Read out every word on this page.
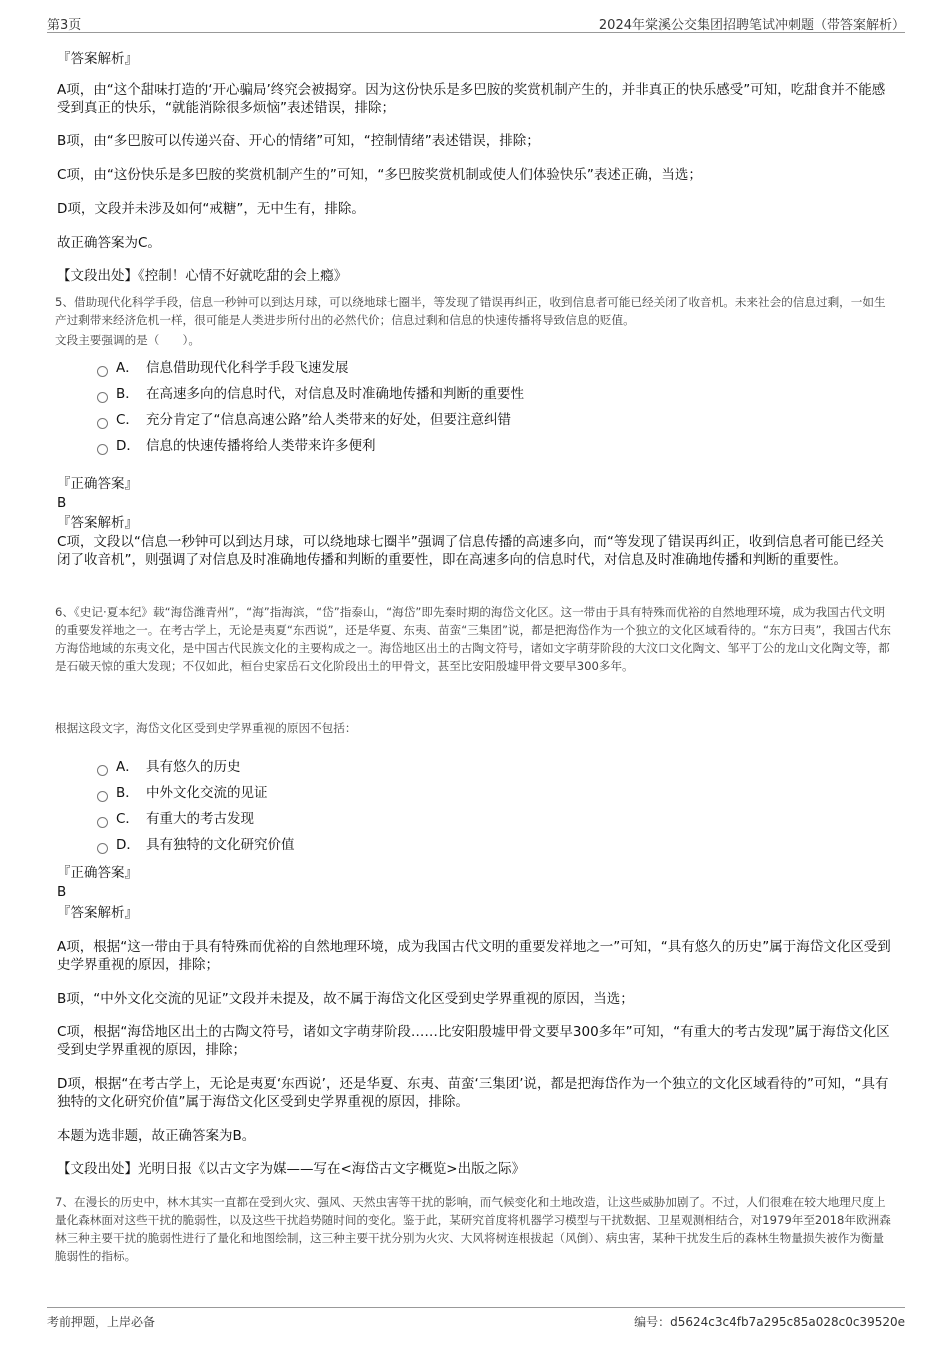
第3页	2024年棠溪公交集团招聘笔试冲刺题（带答案解析）
『答案解析』
A项，由“这个甜味打造的‘开心骗局’终究会被揭穿。因为这份快乐是多巴胺的奖赏机制产生的，并非真正的快乐感受”可知，吃甜食并不能感受到真正的快乐，“就能消除很多烦恼”表述错误，排除；
B项，由“多巴胺可以传递兴奋、开心的情绪”可知，“控制情绪”表述错误，排除；
C项，由“这份快乐是多巴胺的奖赏机制产生的”可知，“多巴胺奖赏机制或使人们体验快乐”表述正确，当选；
D项，文段并未涉及如何“戒糖”，无中生有，排除。
故正确答案为C。
【文段出处】《控制！心情不好就吃甜的会上瘾》
5、借助现代化科学手段，信息一秒钟可以到达月球，可以绕地球七圈半，等发现了错误再纠正，收到信息者可能已经关闭了收音机。未来社会的信息过剩，一如生产过剩带来经济危机一样，很可能是人类进步所付出的必然代价；信息过剩和信息的快速传播将导致信息的贬值。
文段主要强调的是（　　）。
A． 信息借助现代化科学手段飞速发展
B． 在高速多向的信息时代，对信息及时准确地传播和判断的重要性
C． 充分肯定了“信息高速公路”给人类带来的好处，但要注意纠错
D． 信息的快速传播将给人类带来许多便利
『正确答案』
B
『答案解析』
C项，文段以“信息一秒钟可以到达月球，可以绕地球七圈半”强调了信息传播的高速多向，而“等发现了错误再纠正，收到信息者可能已经关闭了收音机”，则强调了对信息及时准确地传播和判断的重要性，即在高速多向的信息时代，对信息及时准确地传播和判断的重要性。
6、《史记·夏本纪》载“海岱潍青州”，“海”指海滨，“岱”指泰山，“海岱”即先秦时期的海岱文化区。这一带由于具有特殊而优裕的自然地理环境，成为我国古代文明的重要发祥地之一。在考古学上，无论是夷夏“东西说”，还是华夏、东夷、苗蛮“三集团”说，都是把海岱作为一个独立的文化区域看待的。“东方曰夷”，我国古代东方海岱地域的东夷文化，是中国古代民族文化的主要构成之一。海岱地区出土的古陶文符号，诸如文字萌芽阶段的大汶口文化陶文、邹平丁公的龙山文化陶文等，都是石破天惊的重大发现；不仅如此，桓台史家岳石文化阶段出土的甲骨文，甚至比安阳殷墟甲骨文要早300多年。
根据这段文字，海岱文化区受到史学界重视的原因不包括：
A． 具有悠久的历史
B． 中外文化交流的见证
C． 有重大的考古发现
D． 具有独特的文化研究价值
『正确答案』
B
『答案解析』
A项，根据“这一带由于具有特殊而优裕的自然地理环境，成为我国古代文明的重要发祥地之一”可知，“具有悠久的历史”属于海岱文化区受到史学界重视的原因，排除；
B项，“中外文化交流的见证”文段并未提及，故不属于海岱文化区受到史学界重视的原因，当选；
C项，根据“海岱地区出土的古陶文符号，诸如文字萌芽阶段……比安阳殷墟甲骨文要早300多年”可知，“有重大的考古发现”属于海岱文化区受到史学界重视的原因，排除；
D项，根据“在考古学上，无论是夷夏‘东西说’，还是华夏、东夷、苗蛮‘三集团’说，都是把海岱作为一个独立的文化区域看待的”可知，“具有独特的文化研究价值”属于海岱文化区受到史学界重视的原因，排除。
本题为选非题，故正确答案为B。
【文段出处】光明日报《以古文字为媒——写在<海岱古文字概览>出版之际》
7、在漫长的历史中，林木其实一直都在受到火灾、强风、天然虫害等干扰的影响，而气候变化和土地改造，让这些威胁加剧了。不过，人们很难在较大地理尺度上量化森林面对这些干扰的脆弱性，以及这些干扰趋势随时间的变化。鉴于此，某研究首度将机器学习模型与干扰数据、卫星观测相结合，对1979年至2018年欧洲森林三种主要干扰的脆弱性进行了量化和地图绘制，这三种主要干扰分别为火灾、大风将树连根拔起（风倒）、病虫害，某种干扰发生后的森林生物量损失被作为衡量脆弱性的指标。
考前押题，上岸必备	编号：d5624c3c4fb7a295c85a028c0c39520e
